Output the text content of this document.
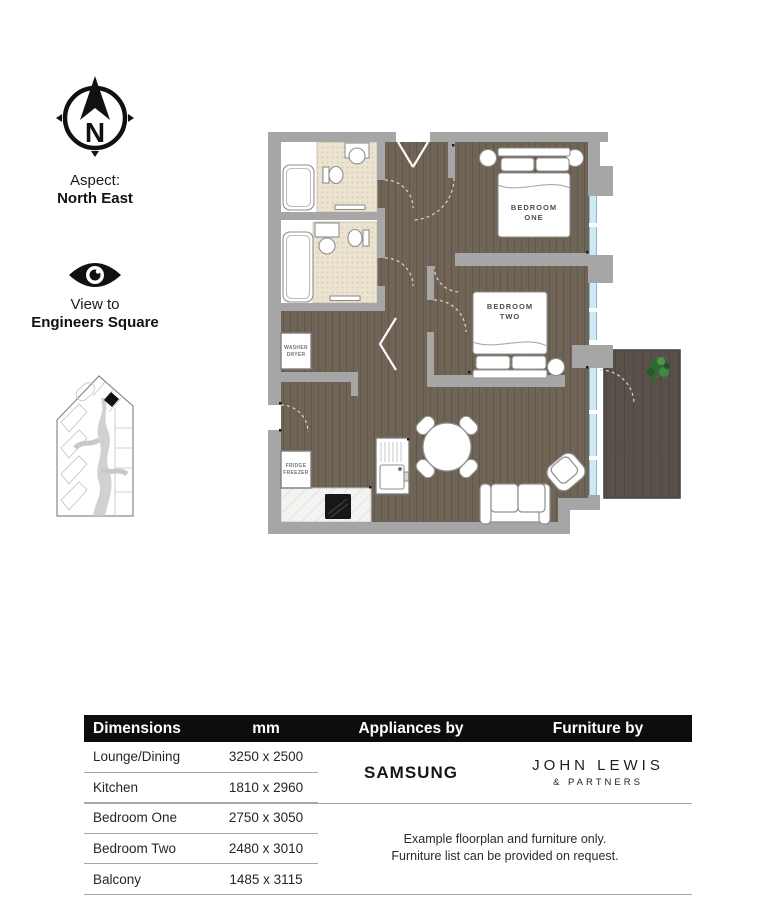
N
Aspect:
North East
View to
Engineers Square
BEDROOM
ONE
BEDROOM
TWO
WASHER
DRYER
FRIDGE
FREEZER
Dimensions	mm	Appliances by	Furniture by
Lounge/Dining	3250 x 2500
Kitchen	1810 x 2960
Bedroom One	2750 x 3050
Bedroom Two	2480 x 3010
Balcony	1485 x 3115
SAMSUNG	JOHN LEWIS
& PARTNERS
Example floorplan and furniture only.
Furniture list can be provided on request.
